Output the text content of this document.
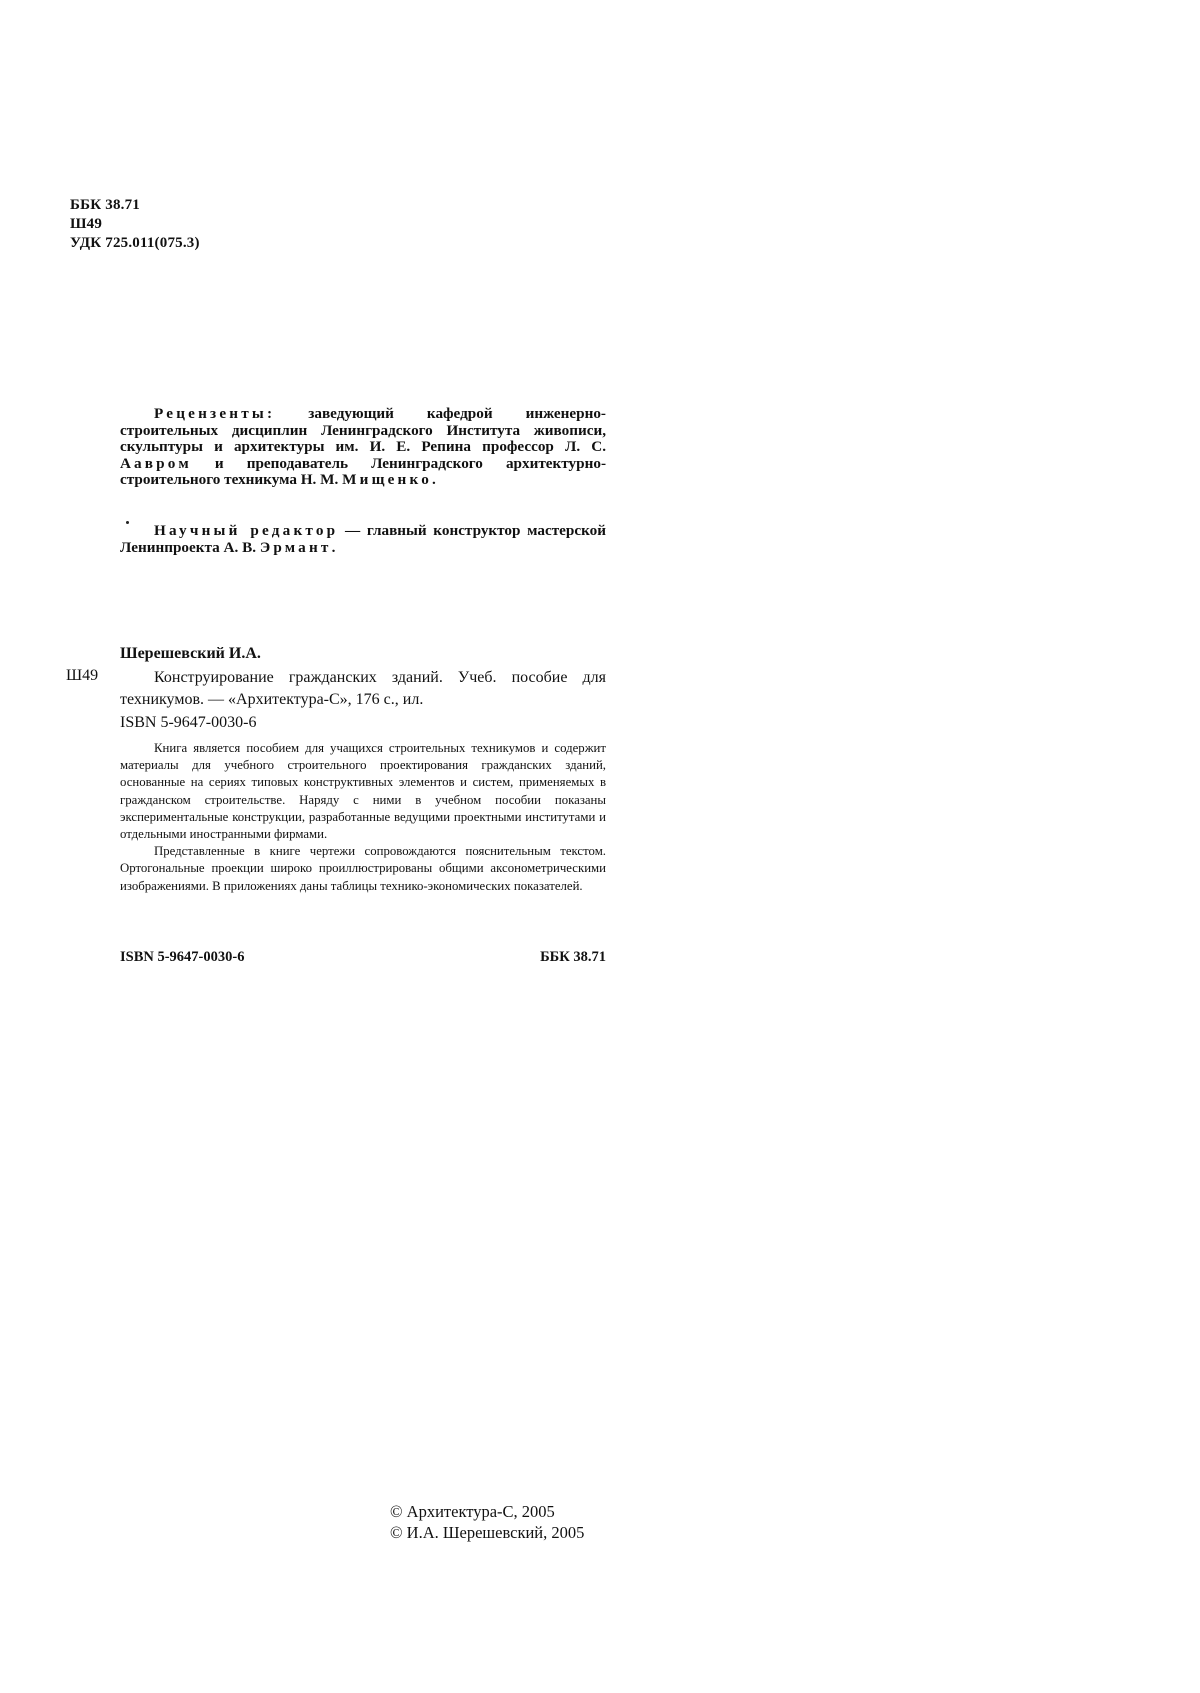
ББК 38.71
Ш49
УДК 725.011(075.3)

Рецензенты: заведующий кафедрой инженерно-строительных дисциплин Ленинградского Института живописи, скульптуры и архитектуры им. И. Е. Репина профессор Л. С. Аавром и преподаватель Ленинградского архитектурно-строительного техникума Н. М. Мищенко.

Научный редактор — главный конструктор мастерской Ленинпроекта А. В. Эрмант.

Шерешевский И.А.
Ш49	Конструирование гражданских зданий. Учеб. пособие для техникумов. — «Архитектура-С», 176 с., ил.

ISBN 5-9647-0030-6

Книга является пособием для учащихся строительных техникумов и содержит материалы для учебного строительного проектирования гражданских зданий, основанные на сериях типовых конструктивных элементов и систем, применяемых в гражданском строительстве. Наряду с ними в учебном пособии показаны экспериментальные конструкции, разработанные ведущими проектными институтами и отдельными иностранными фирмами.

Представленные в книге чертежи сопровождаются пояснительным текстом. Ортогональные проекции широко проиллюстрированы общими аксонометрическими изображениями. В приложениях даны таблицы технико-экономических показателей.

ISBN 5-9647-0030-6	ББК 38.71
© Архитектура-С, 2005
© И.А. Шерешевский, 2005
